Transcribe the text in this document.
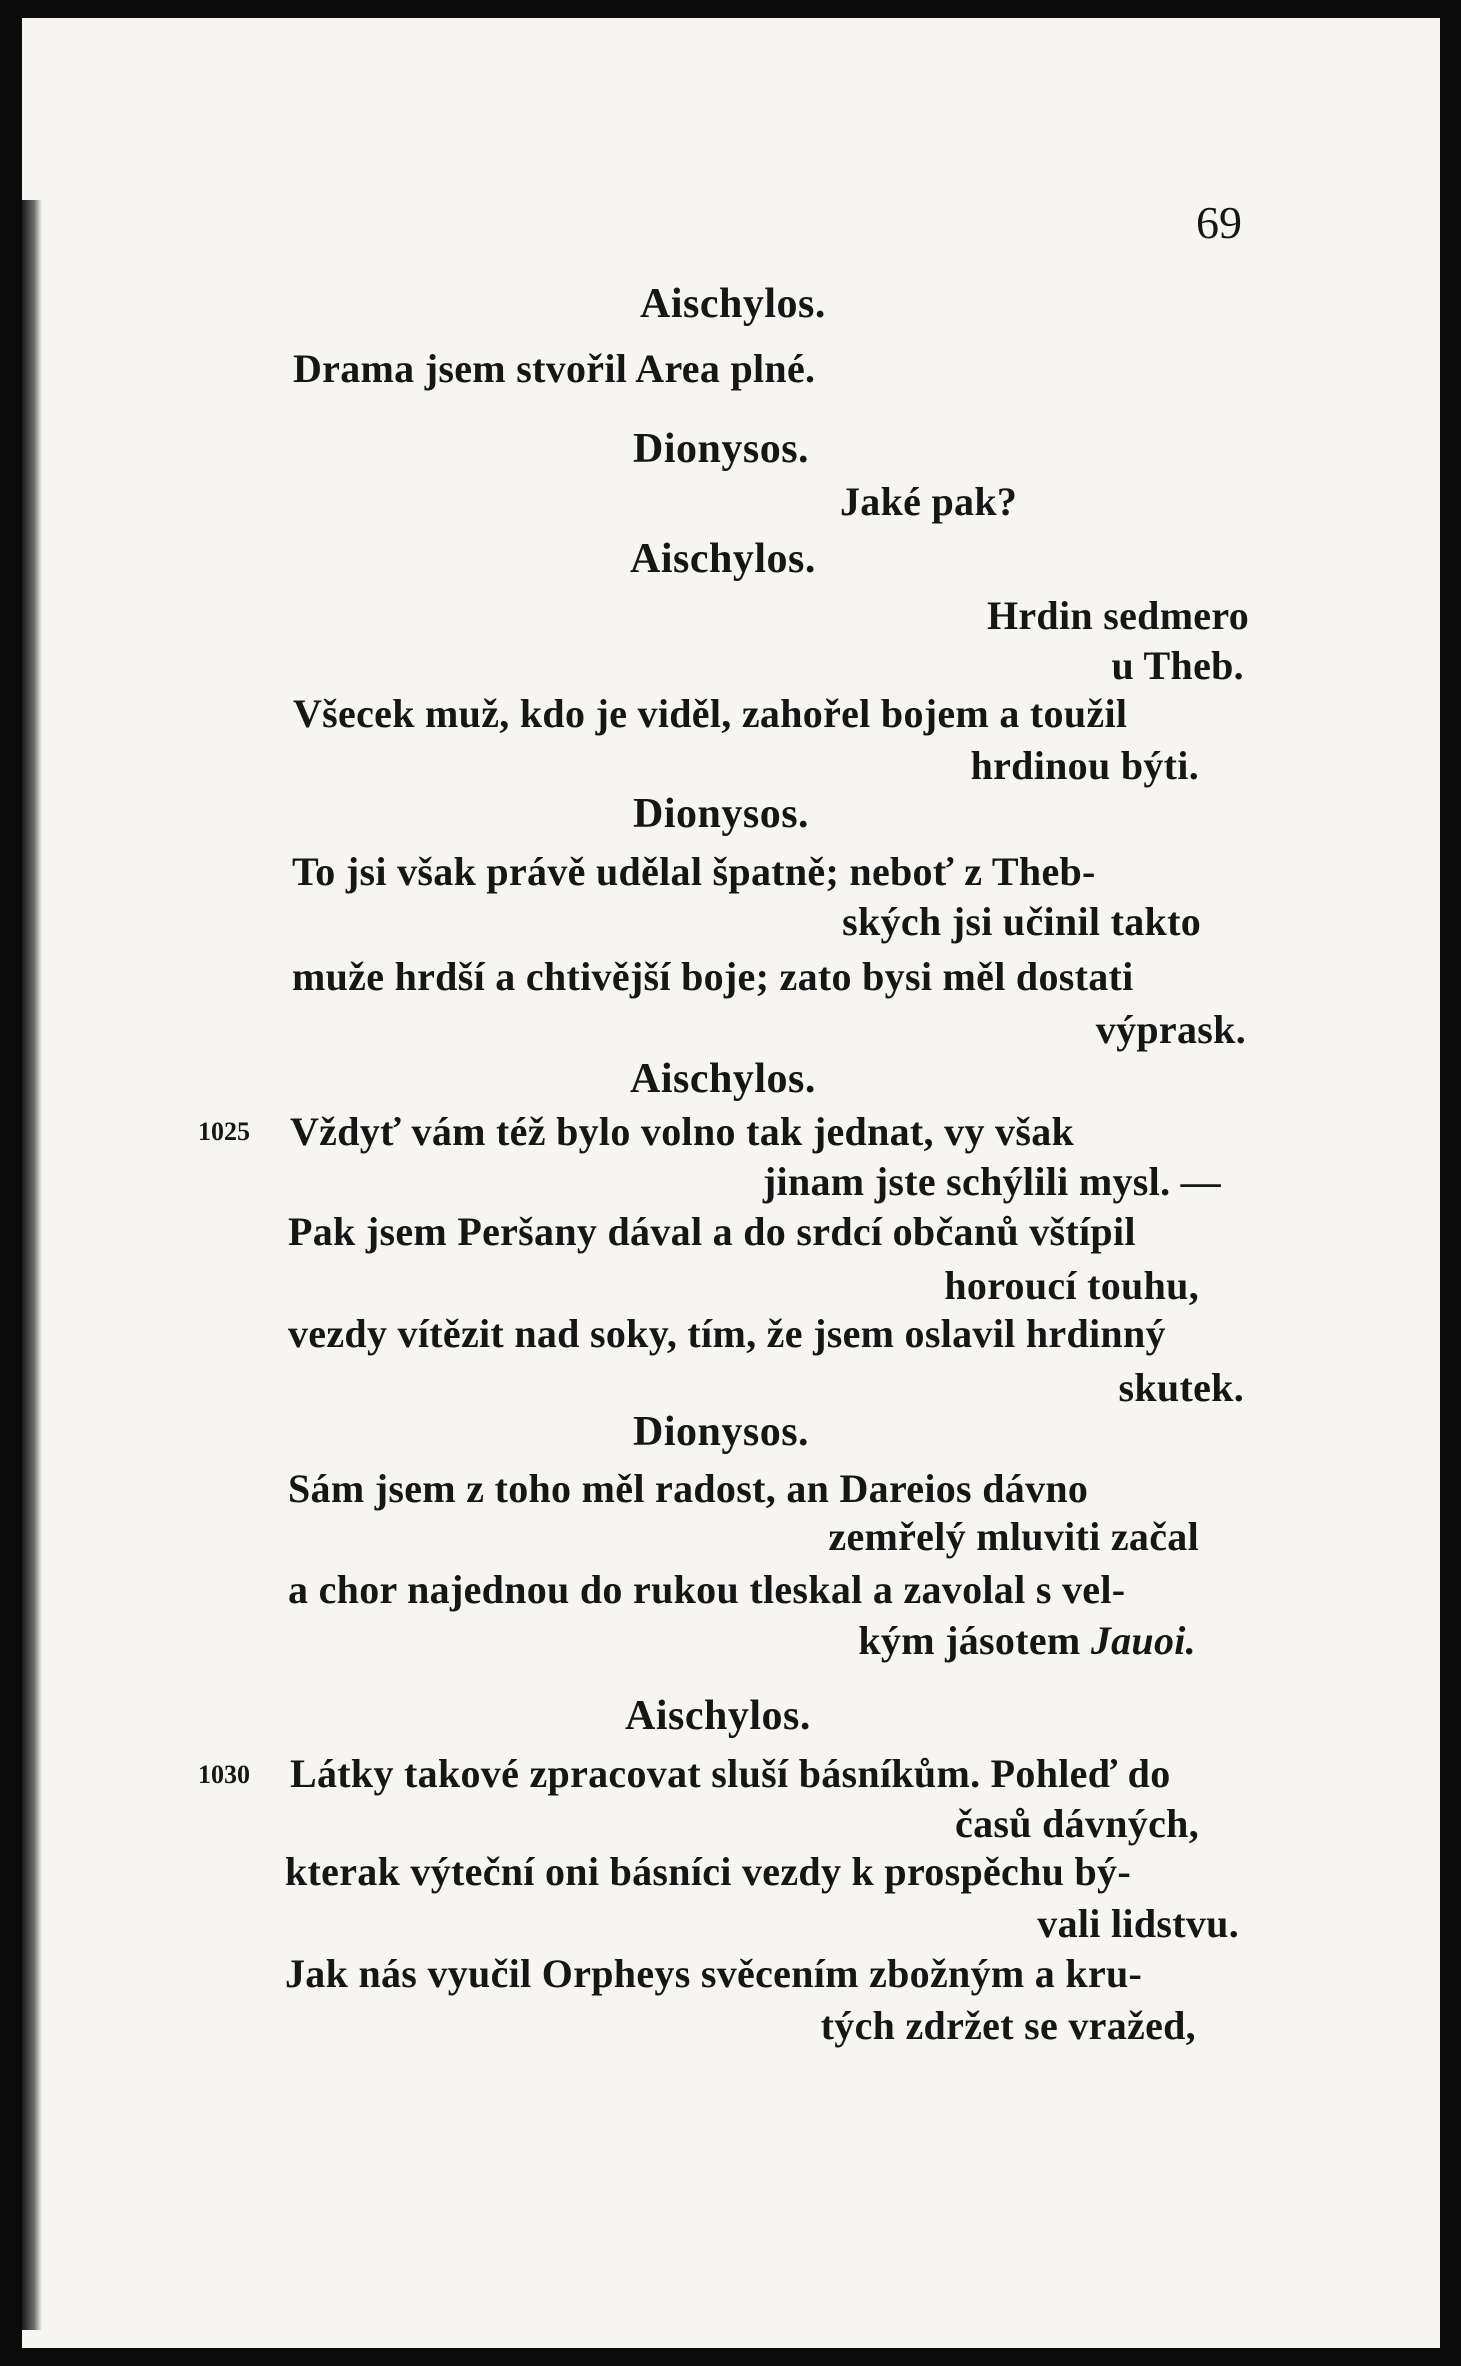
69
Aischylos.
Drama jsem stvořil Area plné.
Dionysos.
Jaké pak?
Aischylos.
Hrdin sedmero
u Theb.
Všecek muž, kdo je viděl, zahořel bojem a toužil
hrdinou býti.
Dionysos.
To jsi však právě udělal špatně; neboť z Theb-
ských jsi učinil takto
muže hrdší a chtivější boje; zato bysi měl dostati
výprask.
Aischylos.
1025 Vždyť vám též bylo volno tak jednat, vy však
jinam jste schýlili mysl. —
Pak jsem Peršany dával a do srdcí občanů vštípil
horoucí touhu,
vezdy vítězit nad soky, tím, že jsem oslavil hrdinný
skutek.
Dionysos.
Sám jsem z toho měl radost, an Dareios dávno
zemřelý mluviti začal
a chor najednou do rukou tleskal a zavolal s vel-
kým jásotem Jauoi.
Aischylos.
1030 Látky takové zpracovat sluší básníkům. Pohleď do
časů dávných,
kterak výteční oni básníci vezdy k prospěchu bý-
vali lidstvu.
Jak nás vyučil Orpheys svěcením zbožným a kru-
tých zdržet se vražed,
